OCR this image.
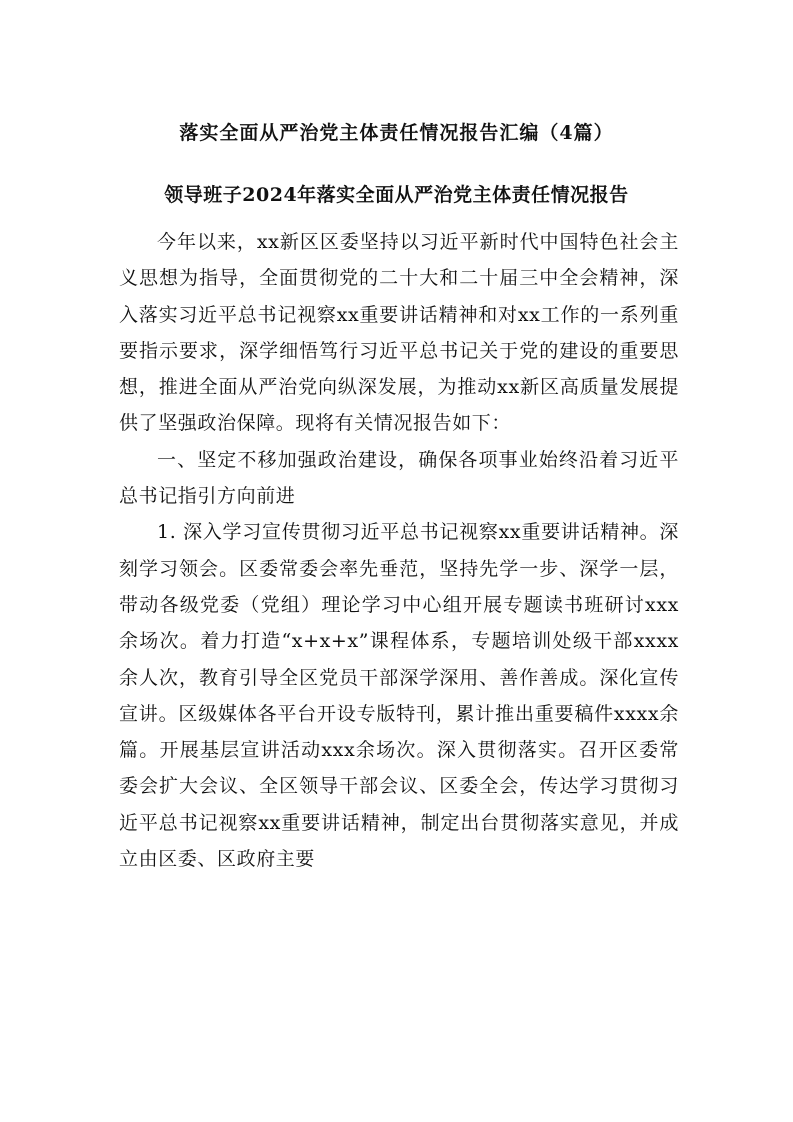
落实全面从严治党主体责任情况报告汇编（4篇）
领导班子2024年落实全面从严治党主体责任情况报告

今年以来，xx新区区委坚持以习近平新时代中国特色社会主义思想为指导，全面贯彻党的二十大和二十届三中全会精神，深入落实习近平总书记视察xx重要讲话精神和对xx工作的一系列重要指示要求，深学细悟笃行习近平总书记关于党的建设的重要思想，推进全面从严治党向纵深发展，为推动xx新区高质量发展提供了坚强政治保障。现将有关情况报告如下：

一、坚定不移加强政治建设，确保各项事业始终沿着习近平总书记指引方向前进

1. 深入学习宣传贯彻习近平总书记视察xx重要讲话精神。深刻学习领会。区委常委会率先垂范，坚持先学一步、深学一层，带动各级党委（党组）理论学习中心组开展专题读书班研讨xxx余场次。着力打造“x+x+x”课程体系，专题培训处级干部xxxx余人次，教育引导全区党员干部深学深用、善作善成。深化宣传宣讲。区级媒体各平台开设专版特刊，累计推出重要稿件xxxx余篇。开展基层宣讲活动xxx余场次。深入贯彻落实。召开区委常委会扩大会议、全区领导干部会议、区委全会，传达学习贯彻习近平总书记视察xx重要讲话精神，制定出台贯彻落实意见，并成立由区委、区政府主要
